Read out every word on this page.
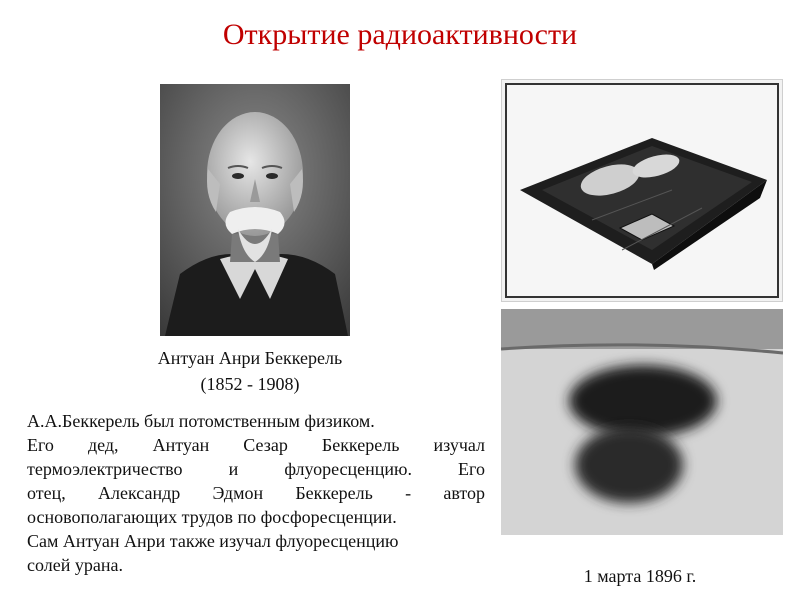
Открытие радиоактивности
Антуан Анри Беккерель
(1852 - 1908)
А.А.Беккерель был потомственным физиком.
Его дед, Антуан Сезар Беккерель изучал
термоэлектричество и флуоресценцию. Его
отец, Александр Эдмон Беккерель - автор
основополагающих трудов по фосфоресценции.
Сам Антуан Анри также изучал флуоресценцию
солей урана.
1 марта 1896 г.
